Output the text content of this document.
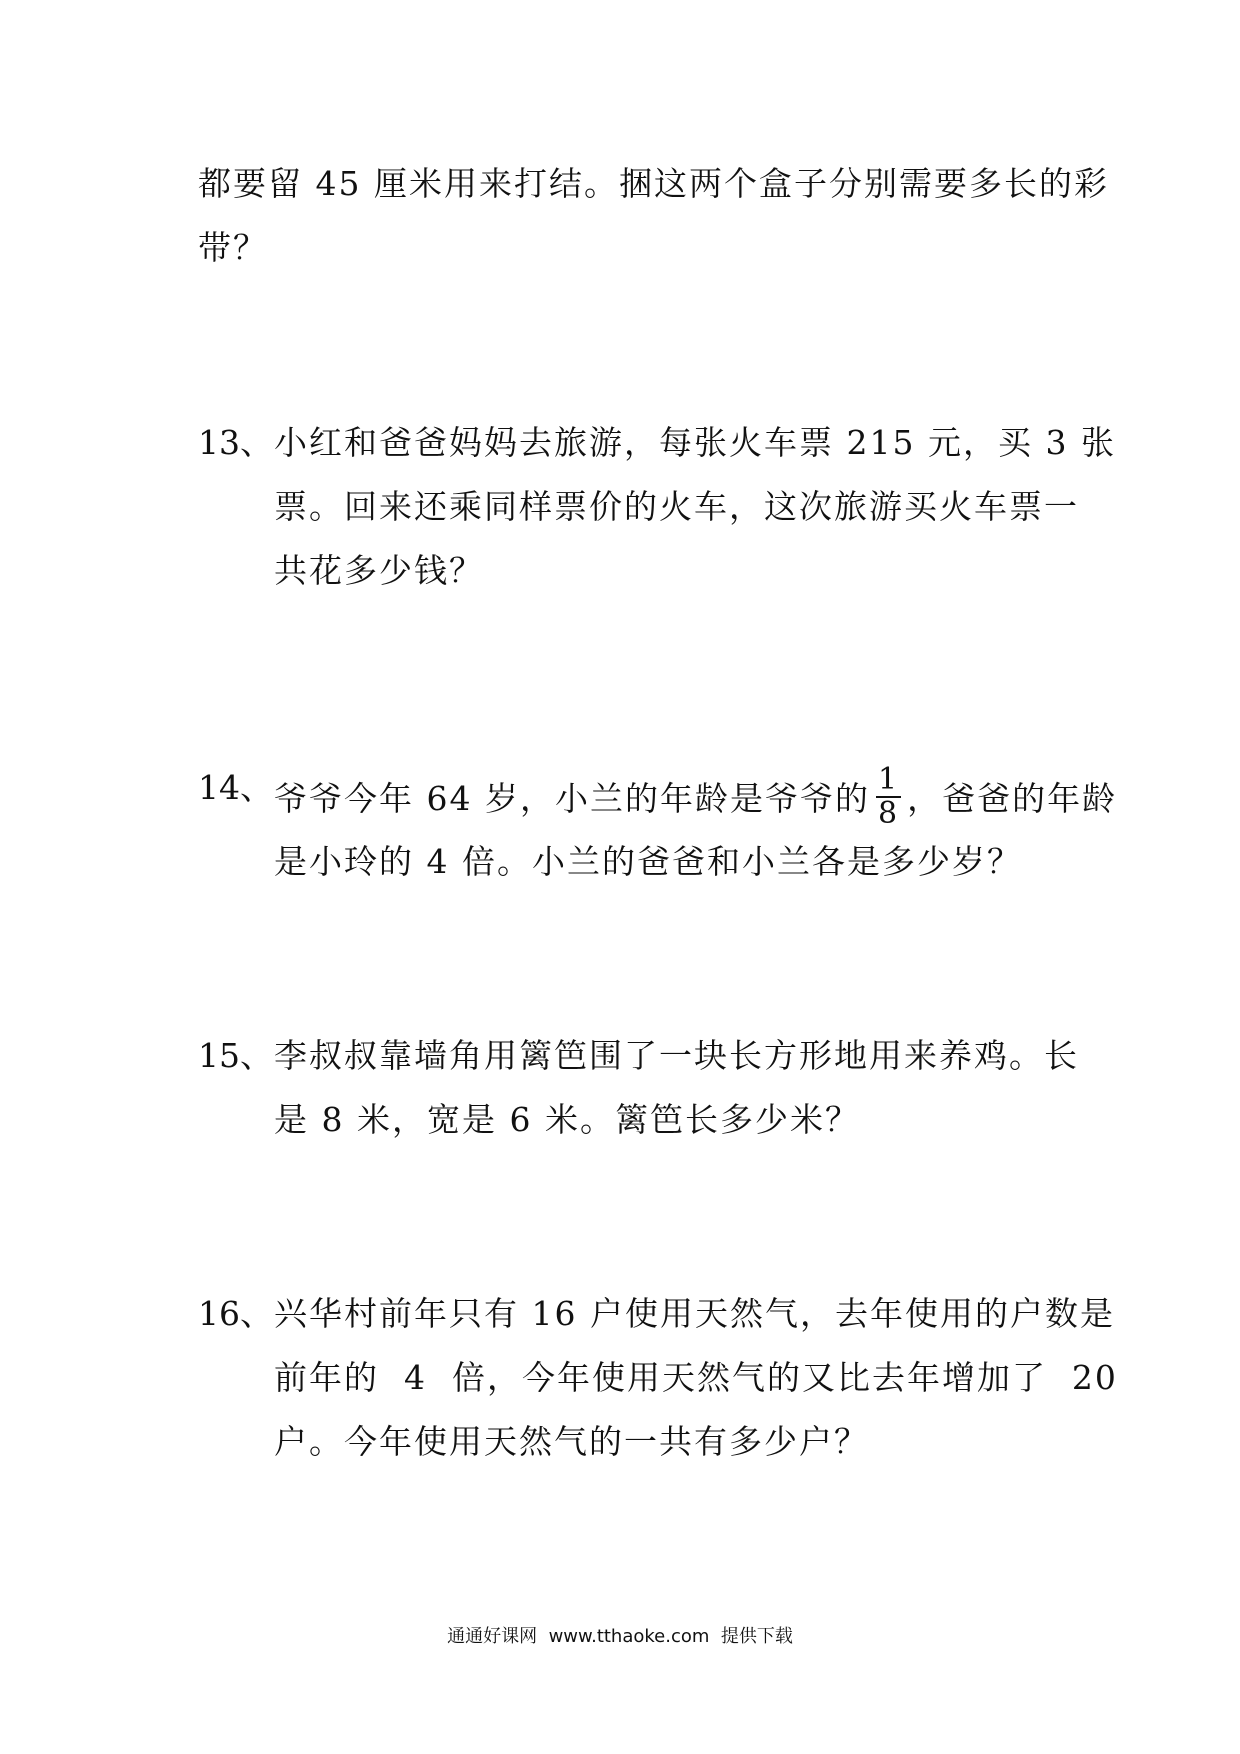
都要留 45 厘米用来打结。捆这两个盒子分别需要多长的彩
带？
13、 小红和爸爸妈妈去旅游，每张火车票 215 元，买 3 张
票。回来还乘同样票价的火车，这次旅游买火车票一
共花多少钱？
14、 爷爷今年 64 岁，小兰的年龄是爷爷的 $\frac{1}{8}$ ，爸爸的年龄
是小玲的 4 倍。小兰的爸爸和小兰各是多少岁？
15、 李叔叔靠墙角用篱笆围了一块长方形地用来养鸡。长
是 8 米，宽是 6 米。篱笆长多少米？
16、 兴华村前年只有 16 户使用天然气，去年使用的户数是
前年的  4  倍，今年使用天然气的又比去年增加了  20
户。今年使用天然气的一共有多少户？
通通好课网  www.tthaoke.com  提供下载
